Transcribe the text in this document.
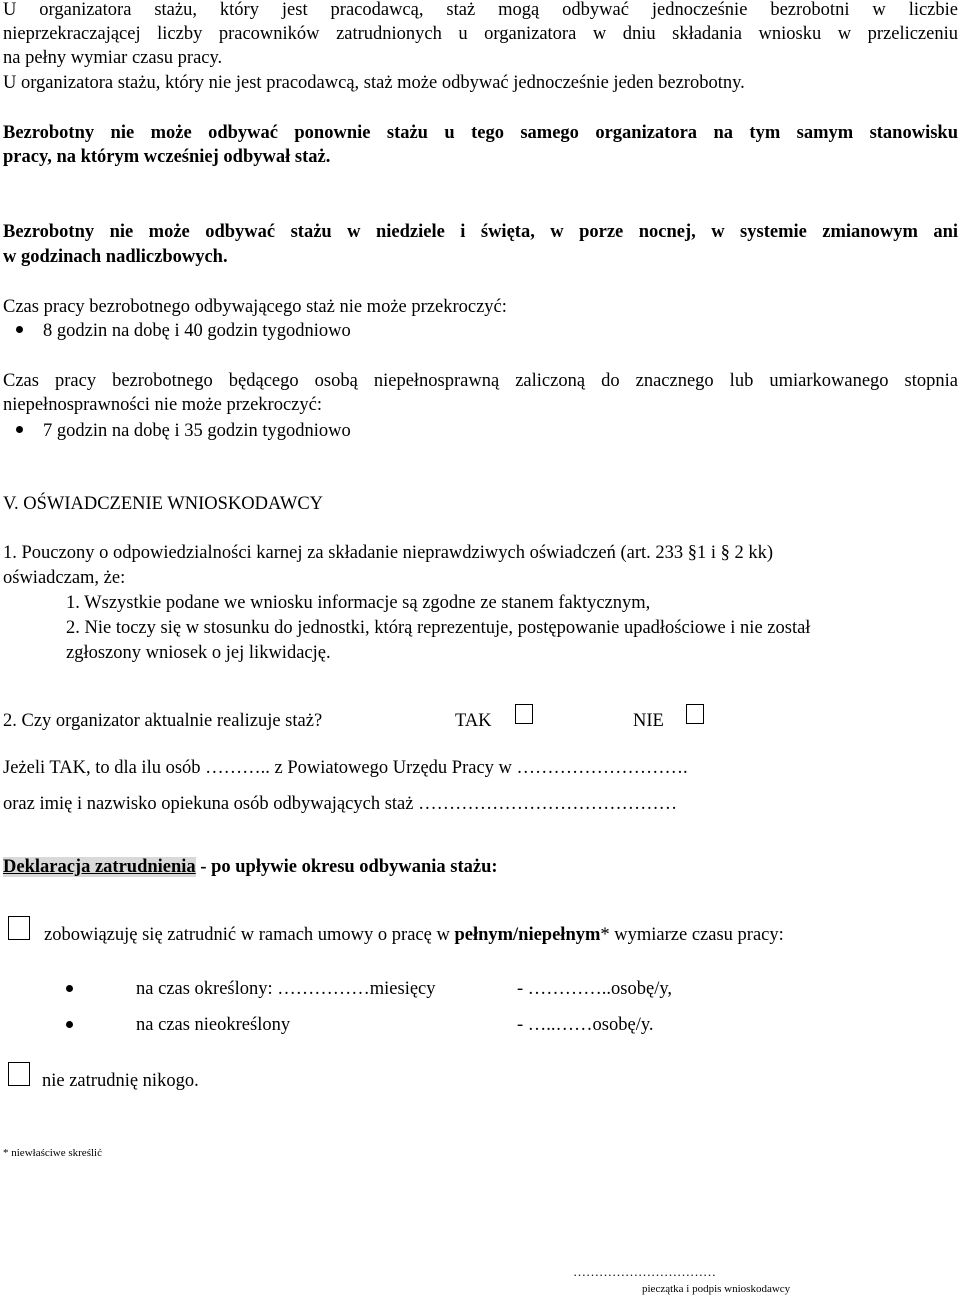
U organizatora stażu, który jest pracodawcą, staż mogą odbywać jednocześnie bezrobotni w liczbie
nieprzekraczającej liczby pracowników zatrudnionych u organizatora w dniu składania wniosku w przeliczeniu
na pełny wymiar czasu pracy.
U organizatora stażu, który nie jest pracodawcą, staż może odbywać jednocześnie jeden bezrobotny.
Bezrobotny nie może odbywać ponownie stażu u tego samego organizatora na tym samym stanowisku
pracy, na którym wcześniej odbywał staż.
Bezrobotny nie może odbywać stażu w niedziele i święta, w porze nocnej, w systemie zmianowym ani
w godzinach nadliczbowych.
Czas pracy bezrobotnego odbywającego staż nie może przekroczyć:
8 godzin na dobę i 40 godzin tygodniowo
Czas pracy bezrobotnego będącego osobą niepełnosprawną zaliczoną do znacznego lub umiarkowanego stopnia
niepełnosprawności nie może przekroczyć:
7 godzin na dobę i 35 godzin tygodniowo
V. OŚWIADCZENIE WNIOSKODAWCY
1. Pouczony o odpowiedzialności karnej za składanie nieprawdziwych oświadczeń (art. 233 §1 i § 2 kk)
oświadczam, że:
1. Wszystkie podane we wniosku informacje są zgodne ze stanem faktycznym,
2. Nie toczy się w stosunku do jednostki, którą reprezentuje, postępowanie upadłościowe i nie został
zgłoszony wniosek o jej likwidację.
2. Czy organizator aktualnie realizuje staż?	TAK	NIE
Jeżeli TAK, to dla ilu osób ……….. z Powiatowego Urzędu Pracy w ……………………….
oraz imię i nazwisko opiekuna osób odbywających staż ……………………………………
Deklaracja zatrudnienia - po upływie okresu odbywania stażu:
zobowiązuję się zatrudnić w ramach umowy o pracę w pełnym/niepełnym* wymiarze czasu pracy:
na czas określony: ……………miesięcy	- …………..osobę/y,
na czas nieokreślony	- …..……osobę/y.
nie zatrudnię nikogo.
* niewłaściwe skreślić
……………………………
pieczątka i podpis wnioskodawcy
